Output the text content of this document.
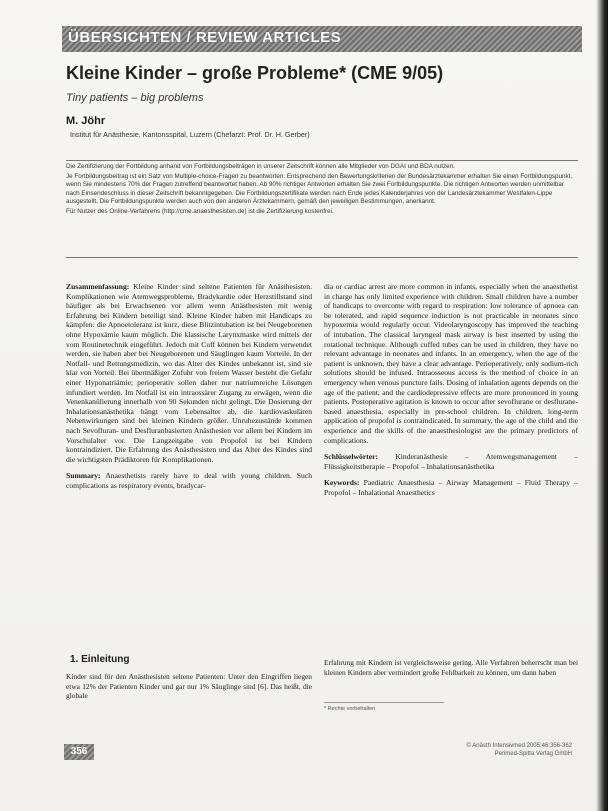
ÜBERSICHTEN / REVIEW ARTICLES
Kleine Kinder – große Probleme* (CME 9/05)
Tiny patients – big problems
M. Jöhr
Institut für Anästhesie, Kantonsspital, Luzern (Chefarzt: Prof. Dr. H. Gerber)

Die Zertifizierung der Fortbildung anhand von Fortbildungsbeiträgen in unserer Zeitschrift können alle Mitglieder von DGAI und BDA nutzen.

Je Fortbildungsbeitrag ist ein Satz von Multiple-choice-Fragen zu beantworten. Entsprechend den Bewertungskriterien der Bundesärztekammer erhalten Sie einen Fortbildungspunkt, wenn Sie mindestens 70% der Fragen zutreffend beantwortet haben. Ab 90% richtiger Antworten erhalten Sie zwei Fortbildungspunkte. Die richtigen Antworten werden unmittelbar nach Einsendeschluss in dieser Zeitschrift bekanntgegeben. Die Fortbildungszertifikate werden nach Ende jedes Kalenderjahres von der Landesärztekammer Westfalen-Lippe ausgestellt. Die Fortbildungspunkte werden auch von den anderen Ärztekammern, gemäß den jeweiligen Bestimmungen, anerkannt.

Für Nutzer des Online-Verfahrens (http://cme.anaesthesisten.de) ist die Zertifizierung kostenfrei.

Zusammenfassung: Kleine Kinder sind seltene Patienten für Anästhesisten. Komplikationen wie Atemwegsprobleme, Bradykardie oder Herzstillstand sind häufiger als bei Erwachsenen vor allem wenn Anästhesisten mit wenig Erfahrung bei Kindern beteiligt sind. Kleine Kinder haben mit Handicaps zu kämpfen: die Apnoetoleranz ist kurz, diese Blitzintubation ist bei Neugeborenen ohne Hypoxämie kaum möglich. Die klassische Larynxmaske wird mittels der vom Routinetechnik eingeführt. Jedoch mit Cuff können bei Kindern verwendet werden, sie haben aber bei Neugeborenen und Säuglingen kaum Vorteile. In der Notfall- und Rettungsmedizin, wo das Alter des Kindes unbekannt ist, sind sie klar von Vorteil. Bei übermäßiger Zufuhr von freiem Wasser besteht die Gefahr einer Hyponatriämie; perioperativ sollen daher nur natriumreiche Lösungen infundiert werden. Im Notfall ist ein intraossärer Zugang zu erwägen, wenn die Venenkanülierung innerhalb von 90 Sekunden nicht gelingt. Die Dosierung der Inhalationsanästhetika hängt vom Lebensalter ab, die kardiovaskulären Nebenwirkungen sind bei kleinen Kindern größer. Unruhezustände kommen nach Sevofluran- und Desfluranbasierten Anästhesien vor allem bei Kindern im Vorschulalter vor. Die Langzeitgabe von Propofol ist bei Kindern kontraindiziert. Die Erfahrung des Anästhesisten und das Alter des Kindes sind die wichtigsten Prädiktoren für Komplikationen.

Summary: Anaesthetists rarely have to deal with young children. Such complications as respiratory events, bradycar-

dia or cardiac arrest are more common in infants, especially when the anaesthetist in charge has only limited experience with children. Small children have a number of handicaps to overcome with regard to respiration: low tolerance of apnoea can be tolerated, and rapid sequence induction is not practicable in neonates since hypoxemia would regularly occur. Videolaryngoscopy has improved the teaching of intubation. The classical laryngeal mask airway is best inserted by using the rotational technique. Although cuffed tubes can be used in children, they have no relevant advantage in neonates and infants. In an emergency, when the age of the patient is unknown, they have a clear advantage. Perioperatively, only sodium-rich solutions should be infused. Intraosseous access is the method of choice in an emergency when venous puncture fails. Dosing of inhalation agents depends on the age of the patient, and the cardiodepressive effects are more pronounced in young patients. Postoperative agitation is known to occur after sevoflurane or desflurane-based anaesthesia, especially in pre-school children. In children, long-term application of propofol is contraindicated. In summary, the age of the child and the experience and the skills of the anaesthesiologist are the primary predictors of complications.

Schlüsselwörter: Kinderanästhesie – Atemwegsmanagement – Flüssigkeitstherapie – Propofol – Inhalationsanästhetika

Keywords: Paediatric Anaesthesia – Airway Management – Fluid Therapy – Propofol – Inhalational Anaesthetics

1. Einleitung
Kinder sind für den Anästhesisten seltene Patienten: Unter den Eingriffen liegen etwa 12% der Patienten Kinder und gar nur 1% Säuglinge sind [6]. Das heißt, die globale
Erfahrung mit Kindern ist vergleichsweise gering. Alle Verfahren beherrscht man bei kleinen Kindern aber vermindert große Fehlbarkeit zu können, um dann haben
* Rechte vorbehalten
356	© Anästh Intensivmed 2005;46:356-362
Perimed-Spitta Verlag GmbH
